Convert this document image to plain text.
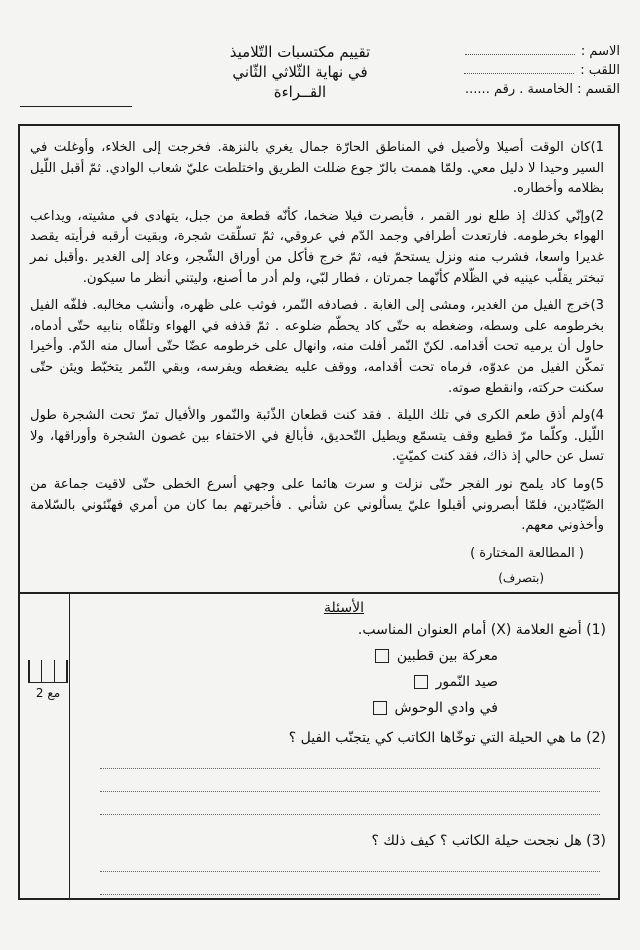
الاسم :
اللقب :
القسم : الخامسة . رقم ......
تقييم مكتسبات التّلاميذ
في نهاية الثّلاثي الثّاني
القــراءة

1)كان الوقت أصيلا ولأصيل في المناطق الحارّة جمال يغري بالنزهة. فخرجت إلى الخلاء، وأوغلت في السير وحيدا لا دليل معي. ولمّا هممت بالرّ جوع ضللت الطريق واختلطت عليّ شعاب الوادي. ثمّ أقبل اللّيل بظلامه وأخطاره.

2)وإنّي كذلك إذ طلع نور القمر ، فأبصرت فيلا ضخما، كأنّه قطعة من جبل، يتهادى في مشيته، ويداعب الهواء بخرطومه. فارتعدت أطرافي وجمد الدّم في عروقي، ثمّ تسلّقت شجرة، وبقيت أرقبه فرأيته يقصد غديرا واسعا، فشرب منه ونزل يستحمّ فيه، ثمّ خرج فأكل من أوراق الشّجر، وعاد إلى الغدير .وأقبل نمر تبختر يقلّب عينيه في الظّلام كأنّهما جمرتان ، فطار لبّي، ولم أدر ما أصنع، وليتني أنظر ما سيكون.

3)خرج الفيل من الغدير، ومشى إلى الغابة . فصادفه النّمر، فوثب على ظهره، وأنشب مخالبه. فلفّه الفيل بخرطومه على وسطه، وضغطه به حتّى كاد يحطّم ضلوعه . ثمّ قذفه في الهواء وتلقّاه بنابيه حتّى أدماه، حاول أن يرميه تحت أقدامه. لكنّ النّمر أفلت منه، وانهال على خرطومه عضّا حتّى أسال منه الدّم. وأخيرا تمكّن الفيل من عدوّه، فرماه تحت أقدامه، ووقف عليه يضغطه ويفرسه، وبقي النّمر يتخبّط ويئن حتّى سكنت حركته، وانقطع صوته.

4)ولم أذق طعم الكرى في تلك الليلة . فقد كنت قطعان الذّئبة والنّمور والأفيال تمرّ تحت الشجرة طول اللّيل. وكلّما مرّ قطيع وقف يتسمّع ويطيل التّحديق، فأبالغ في الاختفاء بين غصون الشجرة وأوراقها، ولا تسل عن حالي إذ ذاك، فقد كنت كميّتٍ.

5)وما كاد يلمح نور الفجر حتّى نزلت و سرت هائما على وجهي أسرع الخطى حتّى لاقيت جماعة من الصّيّادين، فلمّا أبصروني أقبلوا عليّ يسألوني عن شأني . فأخبرتهم بما كان من أمري فهنّئوني بالسّلامة وأخذوني معهم.

( المطالعة المختارة )
(بتصرف)
الأسئلة
(1) أضع العلامة (X) أمام العنوان المناسب.
معركة بين قطبين
صيد النّمور
في وادي الوحوش
(2) ما هي الحيلة التي توخّاها الكاتب كي يتجنّب الفيل ؟
(3) هل نجحت حيلة الكاتب ؟ كيف ذلك ؟
مع 2
